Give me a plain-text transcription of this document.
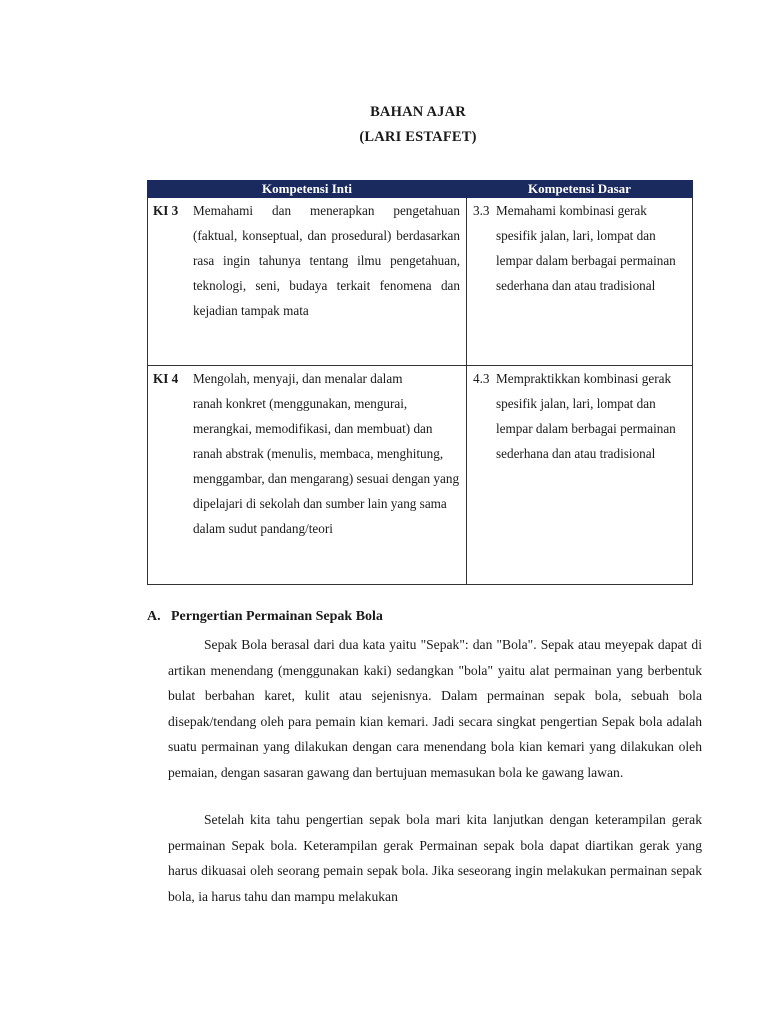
BAHAN AJAR
(LARI ESTAFET)
Kompetensi Inti	Kompetensi Dasar

KI 3 Memahami dan menerapkan pengetahuan
(faktual, konseptual, dan prosedural) berdasarkan rasa ingin tahunya tentang ilmu pengetahuan, teknologi, seni, budaya terkait fenomena dan kejadian tampak mata	3.3 Memahami kombinasi gerak spesifik jalan, lari, lompat dan lempar dalam berbagai permainan sederhana dan atau tradisional

KI 4 Mengolah, menyaji, dan menalar dalam
ranah konkret (menggunakan, mengurai, merangkai, memodifikasi, dan membuat) dan ranah abstrak (menulis, membaca, menghitung, menggambar, dan mengarang) sesuai dengan yang dipelajari di sekolah dan sumber lain yang sama dalam sudut pandang/teori	4.3 Mempraktikkan kombinasi gerak spesifik jalan, lari, lompat dan lempar dalam berbagai permainan sederhana dan atau tradisional
A. Perngertian Permainan Sepak Bola
Sepak Bola berasal dari dua kata yaitu "Sepak": dan "Bola". Sepak atau meyepak dapat di artikan menendang (menggunakan kaki) sedangkan "bola" yaitu alat permainan yang berbentuk bulat berbahan karet, kulit atau sejenisnya. Dalam permainan sepak bola, sebuah bola disepak/tendang oleh para pemain kian kemari. Jadi secara singkat pengertian Sepak bola adalah suatu permainan yang dilakukan dengan cara menendang bola kian kemari yang dilakukan oleh pemaian, dengan sasaran gawang dan bertujuan memasukan bola ke gawang lawan.
Setelah kita tahu pengertian sepak bola mari kita lanjutkan dengan keterampilan gerak permainan Sepak bola. Keterampilan gerak Permainan sepak bola dapat diartikan gerak yang harus dikuasai oleh seorang pemain sepak bola. Jika seseorang ingin melakukan permainan sepak bola, ia harus tahu dan mampu melakukan
